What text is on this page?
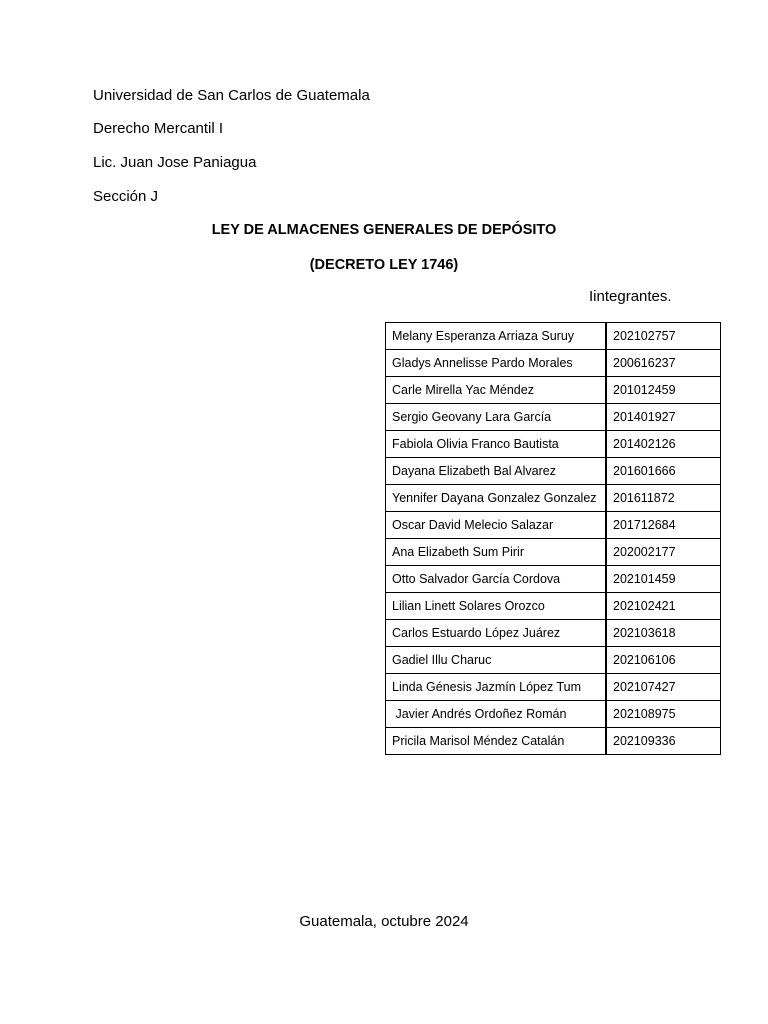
Universidad de San Carlos de Guatemala
Derecho Mercantil I
Lic. Juan Jose Paniagua
Sección J
LEY DE ALMACENES GENERALES DE DEPÓSITO
(DECRETO LEY 1746)
Iintegrantes.
Melany Esperanza Arriaza Suruy	202102757
Gladys Annelisse Pardo Morales	200616237
Carle Mirella Yac Méndez	201012459
Sergio Geovany Lara García	201401927
Fabiola Olivia Franco Bautista	201402126
Dayana Elizabeth Bal Alvarez	201601666
Yennifer Dayana Gonzalez Gonzalez	201611872
Oscar David Melecio Salazar	201712684
Ana Elizabeth Sum Pirir	202002177
Otto Salvador García Cordova	202101459
Lilian Linett Solares Orozco	202102421
Carlos Estuardo López Juárez	202103618
Gadiel Illu Charuc	202106106
Linda Génesis Jazmín López Tum	202107427
Javier Andrés Ordoñez Román	202108975
Pricila Marisol Méndez Catalán	202109336
Guatemala, octubre 2024
